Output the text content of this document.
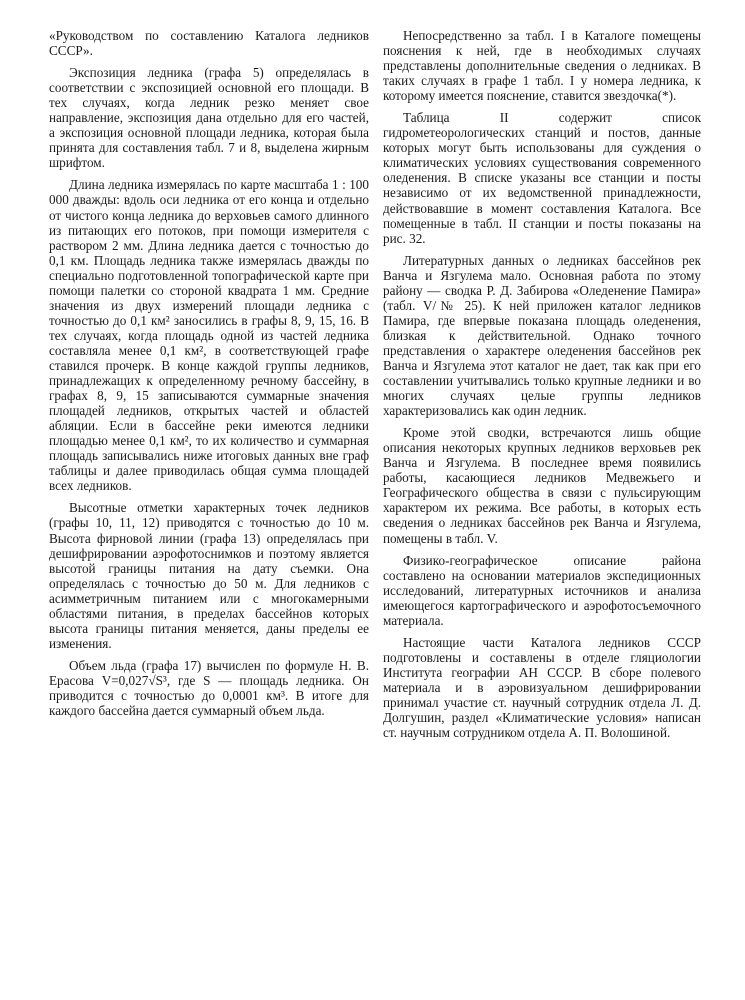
«Руководством по составлению Каталога ледников СССР».

Экспозиция ледника (графа 5) определялась в соответствии с экспозицией основной его площади. В тех случаях, когда ледник резко меняет свое направление, экспозиция дана отдельно для его частей, а экспозиция основной площади ледника, которая была принята для составления табл. 7 и 8, выделена жирным шрифтом.

Длина ледника измерялась по карте масштаба 1 : 100 000 дважды: вдоль оси ледника от его конца и отдельно от чистого конца ледника до верховьев самого длинного из питающих его потоков, при помощи измерителя с раствором 2 мм. Длина ледника дается с точностью до 0,1 км. Площадь ледника также измерялась дважды по специально подготовленной топографической карте при помощи палетки со стороной квадрата 1 мм. Средние значения из двух измерений площади ледника с точностью до 0,1 км² заносились в графы 8, 9, 15, 16. В тех случаях, когда площадь одной из частей ледника составляла менее 0,1 км², в соответствующей графе ставился прочерк. В конце каждой группы ледников, принадлежащих к определенному речному бассейну, в графах 8, 9, 15 записываются суммарные значения площадей ледников, открытых частей и областей абляции. Если в бассейне реки имеются ледники площадью менее 0,1 км², то их количество и суммарная площадь записывались ниже итоговых данных вне граф таблицы и далее приводилась общая сумма площадей всех ледников.

Высотные отметки характерных точек ледников (графы 10, 11, 12) приводятся с точностью до 10 м. Высота фирновой линии (графа 13) определялась при дешифрировании аэрофотоснимков и поэтому является высотой границы питания на дату съемки. Она определялась с точностью до 50 м. Для ледников с асимметричным питанием или с многокамерными областями питания, в пределах бассейнов которых высота границы питания меняется, даны пределы ее изменения.

Объем льда (графа 17) вычислен по формуле Н. В. Ерасова V=0,027√S³, где S — площадь ледника. Он приводится с точностью до 0,0001 км³. В итоге для каждого бассейна дается суммарный объем льда.

Непосредственно за табл. I в Каталоге помещены пояснения к ней, где в необходимых случаях представлены дополнительные сведения о ледниках. В таких случаях в графе 1 табл. I у номера ледника, к которому имеется пояснение, ставится звездочка(*).

Таблица II содержит список гидрометеорологических станций и постов, данные которых могут быть использованы для суждения о климатических условиях существования современного оледенения. В списке указаны все станции и посты независимо от их ведомственной принадлежности, действовавшие в момент составления Каталога. Все помещенные в табл. II станции и посты показаны на рис. 32.

Литературных данных о ледниках бассейнов рек Ванча и Язгулема мало. Основная работа по этому району — сводка Р. Д. Забирова «Оледенение Памира» (табл. V/№ 25). К ней приложен каталог ледников Памира, где впервые показана площадь оледенения, близкая к действительной. Однако точного представления о характере оледенения бассейнов рек Ванча и Язгулема этот каталог не дает, так как при его составлении учитывались только крупные ледники и во многих случаях целые группы ледников характеризовались как один ледник.

Кроме этой сводки, встречаются лишь общие описания некоторых крупных ледников верховьев рек Ванча и Язгулема. В последнее время появились работы, касающиеся ледников Медвежьего и Географического общества в связи с пульсирующим характером их режима. Все работы, в которых есть сведения о ледниках бассейнов рек Ванча и Язгулема, помещены в табл. V.

Физико-географическое описание района составлено на основании материалов экспедиционных исследований, литературных источников и анализа имеющегося картографического и аэрофотосъемочного материала.

Настоящие части Каталога ледников СССР подготовлены и составлены в отделе гляциологии Института географии АН СССР. В сборе полевого материала и в аэровизуальном дешифрировании принимал участие ст. научный сотрудник отдела Л. Д. Долгушин, раздел «Климатические условия» написан ст. научным сотрудником отдела А. П. Волошиной.
